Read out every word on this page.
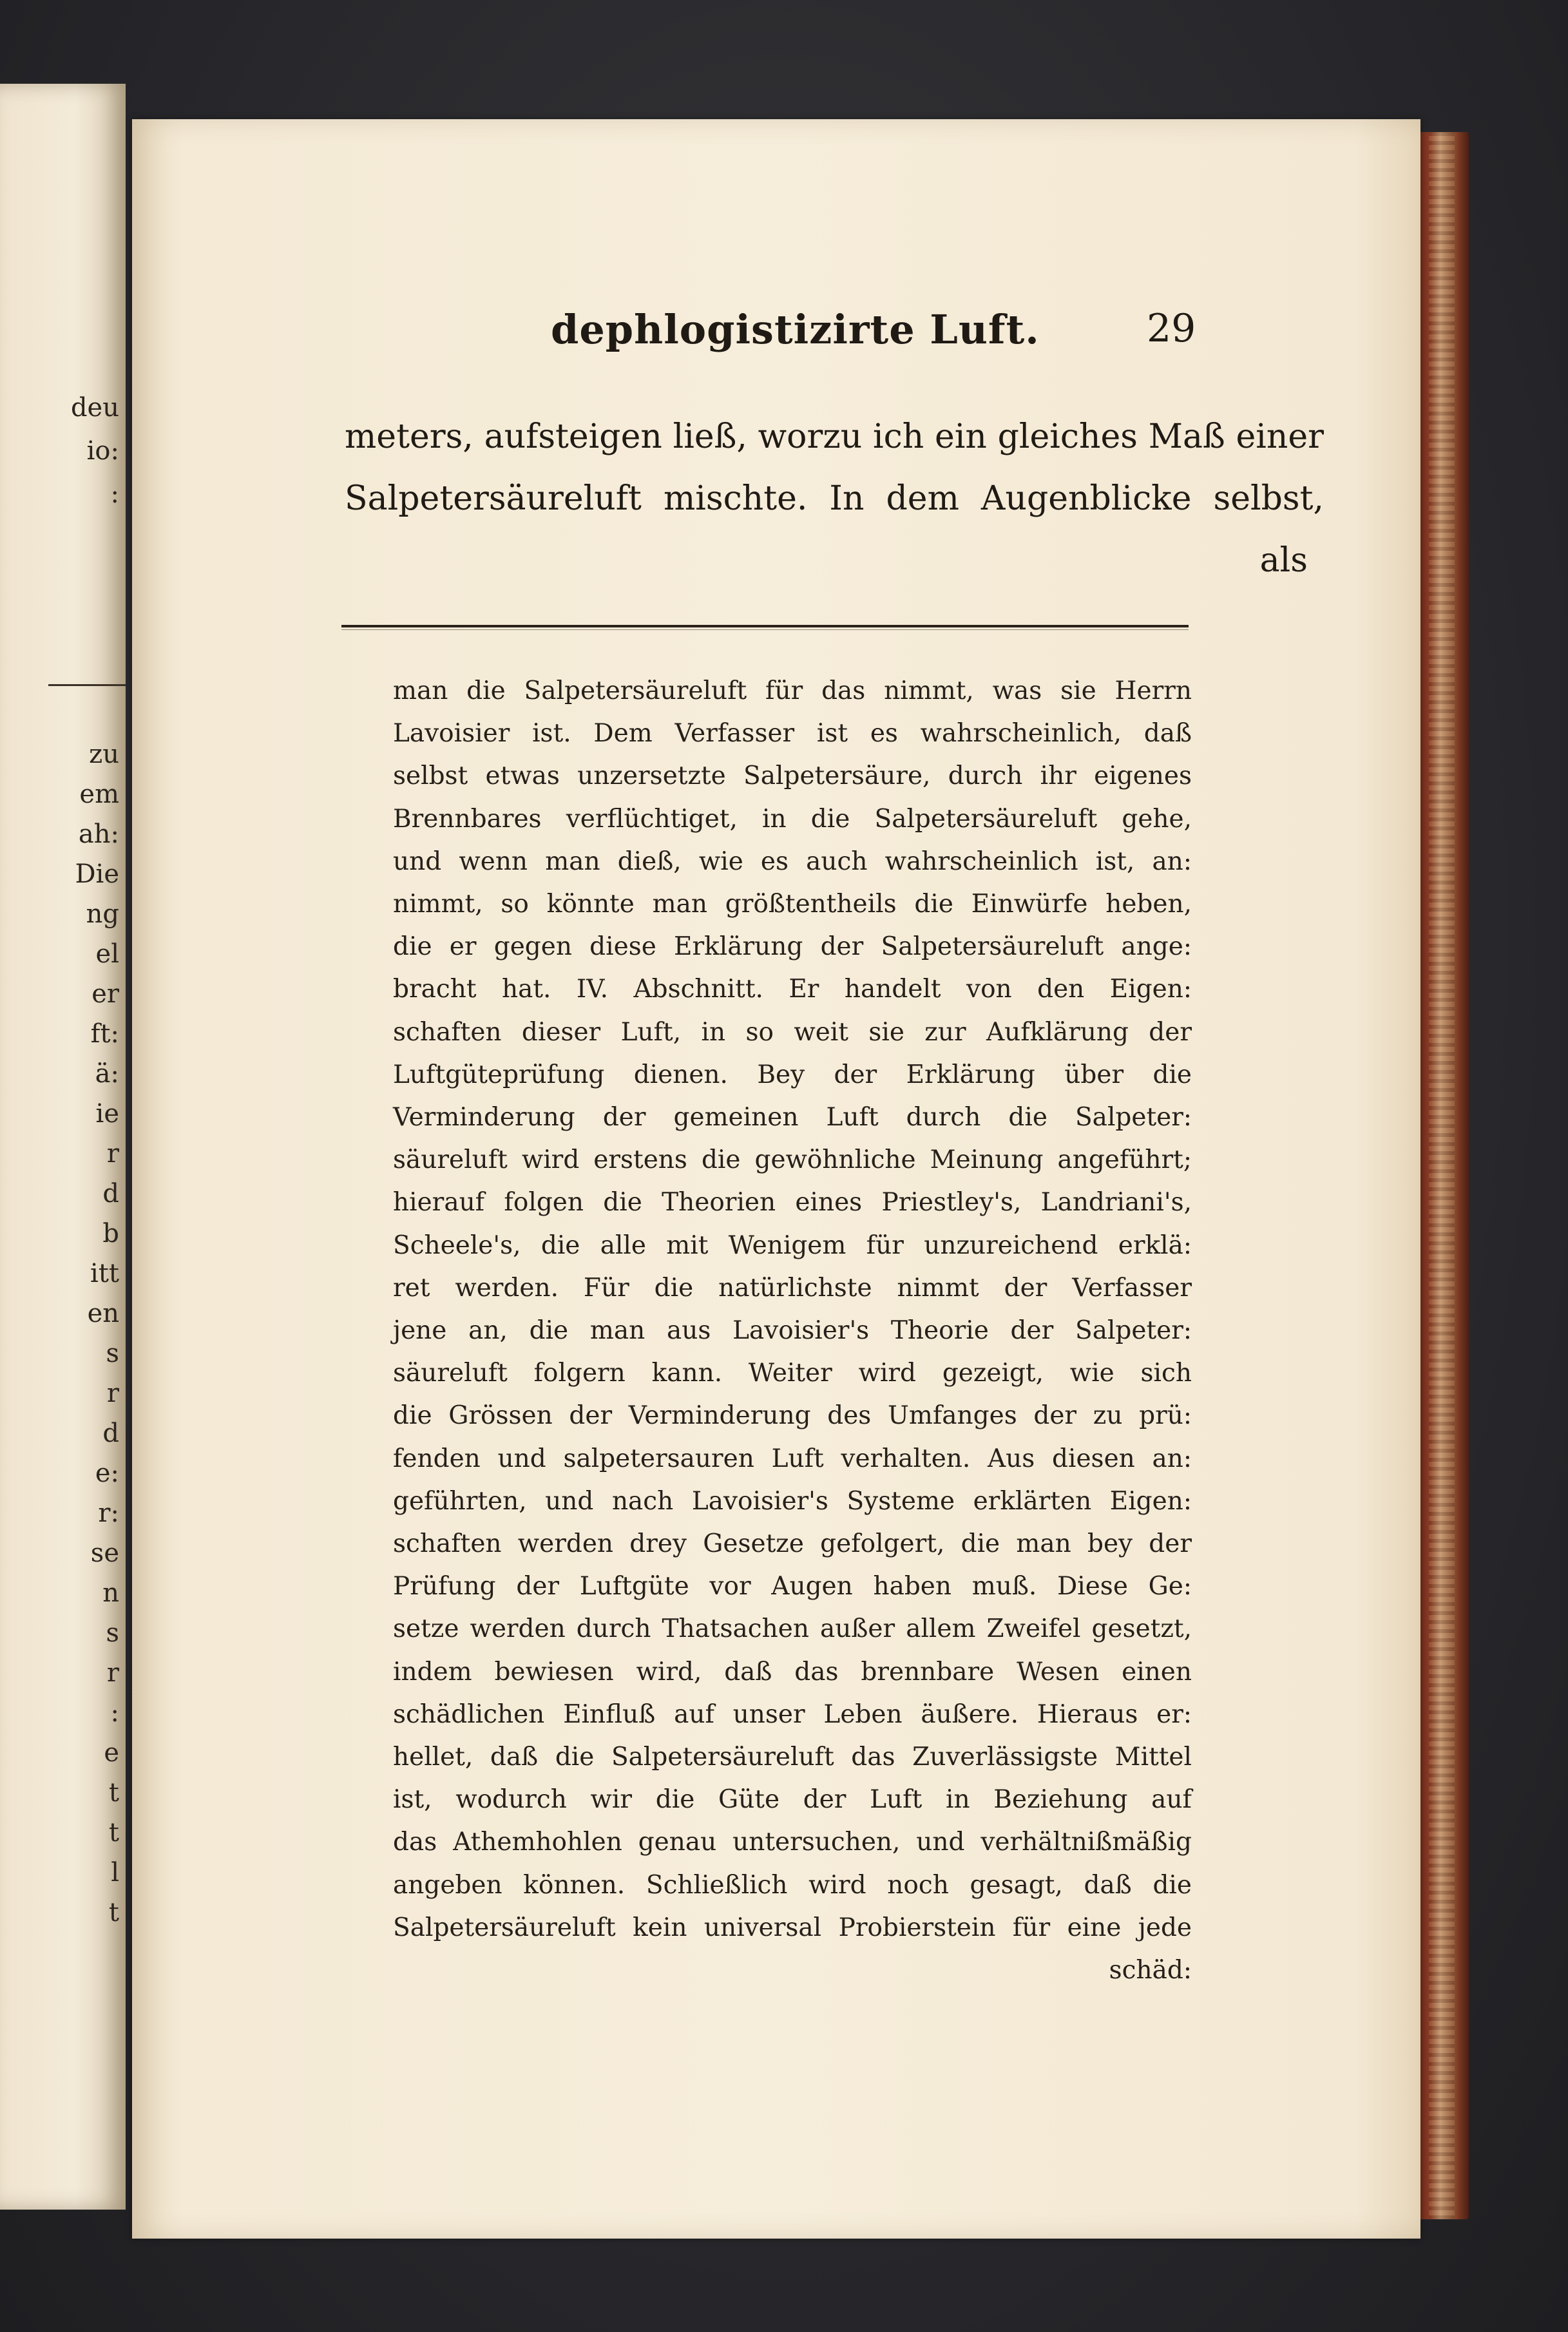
deu
io:
:
zu
em
ah:
Die
ng
el
er
ft:
ä:
ie
r
d
b
itt
en
s
r
d
e:
r:
se
n
s
r
:
e
t
t
l
t
dephlogistizirte Luft.	29
meters, aufsteigen ließ, worzu ich ein gleiches Maß einer
Salpetersäureluft mischte. In dem Augenblicke selbst,
als
man die Salpetersäureluft für das nimmt, was sie Herrn
Lavoisier ist. Dem Verfasser ist es wahrscheinlich, daß
selbst etwas unzersetzte Salpetersäure, durch ihr eigenes
Brennbares verflüchtiget, in die Salpetersäureluft gehe,
und wenn man dieß, wie es auch wahrscheinlich ist, an:
nimmt, so könnte man größtentheils die Einwürfe heben,
die er gegen diese Erklärung der Salpetersäureluft ange:
bracht hat. IV. Abschnitt. Er handelt von den Eigen:
schaften dieser Luft, in so weit sie zur Aufklärung der
Luftgüteprüfung dienen. Bey der Erklärung über die
Verminderung der gemeinen Luft durch die Salpeter:
säureluft wird erstens die gewöhnliche Meinung angeführt;
hierauf folgen die Theorien eines Priestley's, Landriani's,
Scheele's, die alle mit Wenigem für unzureichend erklä:
ret werden. Für die natürlichste nimmt der Verfasser
jene an, die man aus Lavoisier's Theorie der Salpeter:
säureluft folgern kann. Weiter wird gezeigt, wie sich
die Grössen der Verminderung des Umfanges der zu prü:
fenden und salpetersauren Luft verhalten. Aus diesen an:
geführten, und nach Lavoisier's Systeme erklärten Eigen:
schaften werden drey Gesetze gefolgert, die man bey der
Prüfung der Luftgüte vor Augen haben muß. Diese Ge:
setze werden durch Thatsachen außer allem Zweifel gesetzt,
indem bewiesen wird, daß das brennbare Wesen einen
schädlichen Einfluß auf unser Leben äußere. Hieraus er:
hellet, daß die Salpetersäureluft das Zuverlässigste Mittel
ist, wodurch wir die Güte der Luft in Beziehung auf
das Athemhohlen genau untersuchen, und verhältnißmäßig
angeben können. Schließlich wird noch gesagt, daß die
Salpetersäureluft kein universal Probierstein für eine jede
schäd:
